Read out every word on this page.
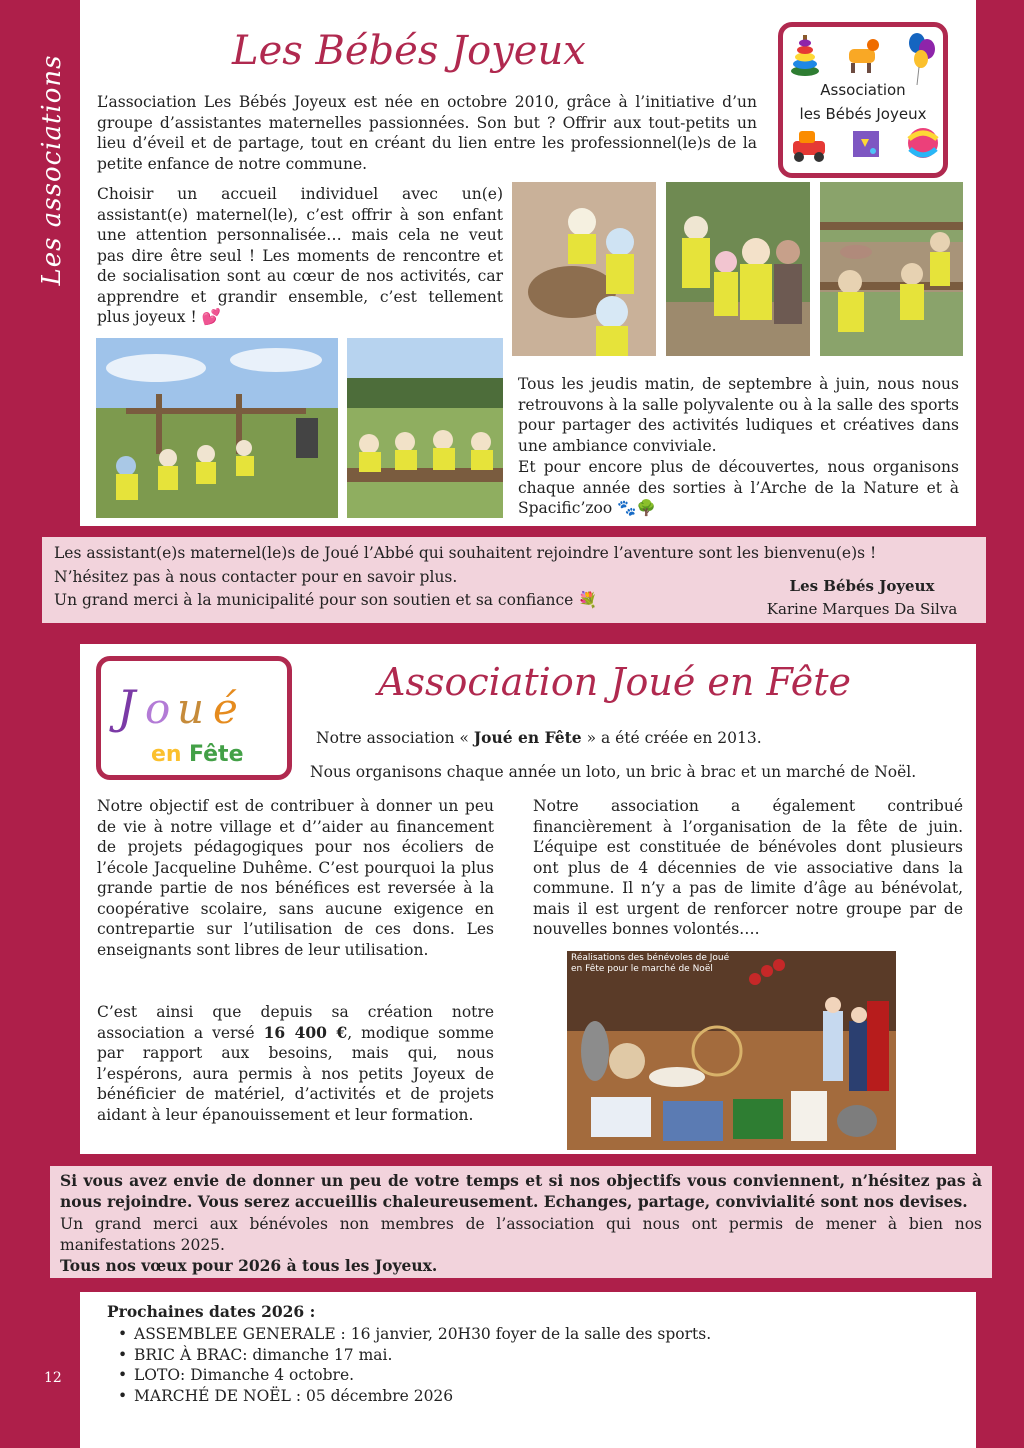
Les associations
Les Bébés Joyeux
Association
les Bébés Joyeux
L’association Les Bébés Joyeux est née en octobre 2010, grâce à l’initiative d’un groupe d’assistantes maternelles passionnées. Son but ? Offrir aux tout-petits un lieu d’éveil et de partage, tout en créant du lien entre les professionnel(le)s de la petite enfance de notre commune.
Choisir un accueil individuel avec un(e) assistant(e) maternel(le), c’est offrir à son enfant une attention personnalisée… mais cela ne veut pas dire être seul ! Les moments de rencontre et de socialisation sont au cœur de nos activités, car apprendre et grandir ensemble, c’est tellement plus joyeux ! 💕
Tous les jeudis matin, de septembre à juin, nous nous retrouvons à la salle polyvalente ou à la salle des sports pour partager des activités ludiques et créatives dans une ambiance conviviale.
Et pour encore plus de découvertes, nous organisons chaque année des sorties à l’Arche de la Nature et à Spacific’zoo 🐾🌳
Les assistant(e)s maternel(le)s de Joué l’Abbé qui souhaitent rejoindre l’aventure sont les bienvenu(e)s !
N’hésitez pas à nous contacter pour en savoir plus.
Un grand merci à la municipalité pour son soutien et sa confiance 💐
Les Bébés Joyeux
Karine Marques Da Silva
J o u é
en Fête
Association Joué en Fête
Notre association « Joué en Fête » a été créée en 2013.
Nous organisons chaque année un loto, un bric à brac et un marché de Noël.
Notre objectif est de contribuer à donner un peu de vie à notre village et d’’aider au financement de projets pédagogiques pour nos écoliers de l’école Jacqueline Duhême. C’est pourquoi la plus grande partie de nos bénéfices est reversée à la coopérative scolaire, sans aucune exigence en contrepartie sur l’utilisation de ces dons. Les enseignants sont libres de leur utilisation.
C’est ainsi que depuis sa création notre association a versé 16 400 €, modique somme par rapport aux besoins, mais qui, nous l’espérons, aura permis à nos petits Joyeux de bénéficier de matériel, d’activités et de projets aidant à leur épanouissement et leur formation.
Notre association a également contribué financièrement à l’organisation de la fête de juin. L’équipe est constituée de bénévoles dont plusieurs ont plus de 4 décennies de vie associative dans la commune. Il n’y a pas de limite d’âge au bénévolat, mais il est urgent de renforcer notre groupe par de nouvelles bonnes volontés….
Réalisations des bénévoles de Joué en Fête pour le marché de Noël
Si vous avez envie de donner un peu de votre temps et si nos objectifs vous conviennent, n’hésitez pas à nous rejoindre. Vous serez accueillis chaleureusement. Echanges, partage, convivialité sont nos devises.
Un grand merci aux bénévoles non membres de l’association qui nous ont permis de mener à bien nos manifestations 2025.
Tous nos vœux pour 2026 à tous les Joyeux.
Prochaines dates 2026 :
• ASSEMBLEE GENERALE : 16 janvier, 20H30 foyer de la salle des sports.
• BRIC À BRAC: dimanche 17 mai.
• LOTO: Dimanche 4 octobre.
• MARCHÉ DE NOËL : 05 décembre 2026
12
